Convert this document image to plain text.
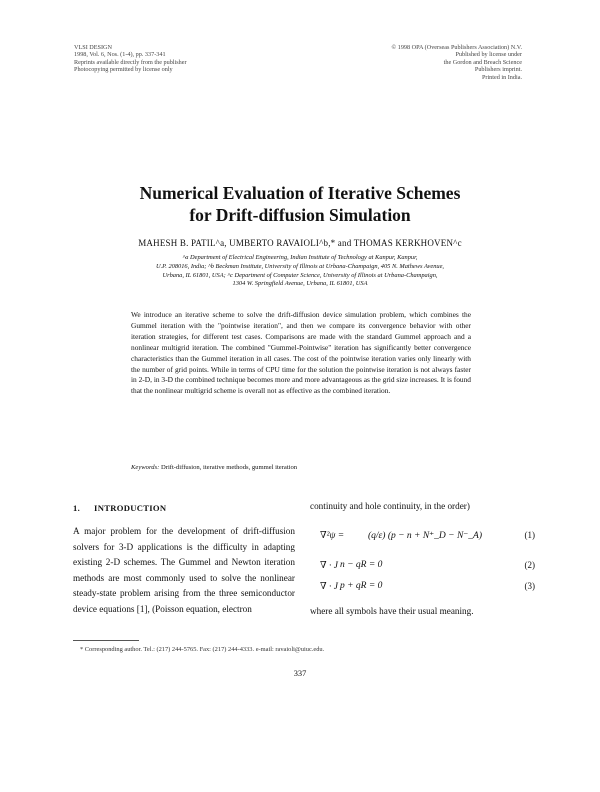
VLSI DESIGN
1998, Vol. 6, Nos. (1-4), pp. 337-341
Reprints available directly from the publisher
Photocopying permitted by license only
© 1998 OPA (Overseas Publishers Association) N.V.
Published by license under
the Gordon and Breach Science
Publishers imprint.
Printed in India.
Numerical Evaluation of Iterative Schemes
for Drift-diffusion Simulation
MAHESH B. PATIL^a, UMBERTO RAVAIOLI^b,* and THOMAS KERKHOVEN^c
^a Department of Electrical Engineering, Indian Institute of Technology at Kanpur, Kanpur,
U.P. 208016, India; ^b Beckman Institute, University of Illinois at Urbana-Champaign, 405 N. Mathews Avenue,
Urbana, IL 61801, USA; ^c Department of Computer Science, University of Illinois at Urbana-Champaign,
1304 W. Springfield Avenue, Urbana, IL 61801, USA
We introduce an iterative scheme to solve the drift-diffusion device simulation problem, which combines the Gummel iteration with the "pointwise iteration", and then we compare its convergence behavior with other iteration strategies, for different test cases. Comparisons are made with the standard Gummel approach and a nonlinear multigrid iteration. The combined "Gummel-Pointwise" iteration has significantly better convergence characteristics than the Gummel iteration in all cases. The cost of the pointwise iteration varies only linearly with the number of grid points. While in terms of CPU time for the solution the pointwise iteration is not always faster in 2-D, in 3-D the combined technique becomes more and more advantageous as the grid size increases. It is found that the nonlinear multigrid scheme is overall not as effective as the combined iteration.
Keywords: Drift-diffusion, iterative methods, gummel iteration
1. INTRODUCTION
A major problem for the development of drift-diffusion solvers for 3-D applications is the difficulty in adapting existing 2-D schemes. The Gummel and Newton iteration methods are most commonly used to solve the nonlinear steady-state problem arising from the three semiconductor device equations [1], (Poisson equation, electron
continuity and hole continuity, in the order)
∇²ψ =	(q/ε) (p − n + N⁺_D − N⁻_A)	(1)
∇ · J n − qR = 0	(2)
∇ · J p + qR = 0	(3)
where all symbols have their usual meaning.
* Corresponding author. Tel.: (217) 244-5765. Fax: (217) 244-4333. e-mail: ravaioli@uiuc.edu.
337
